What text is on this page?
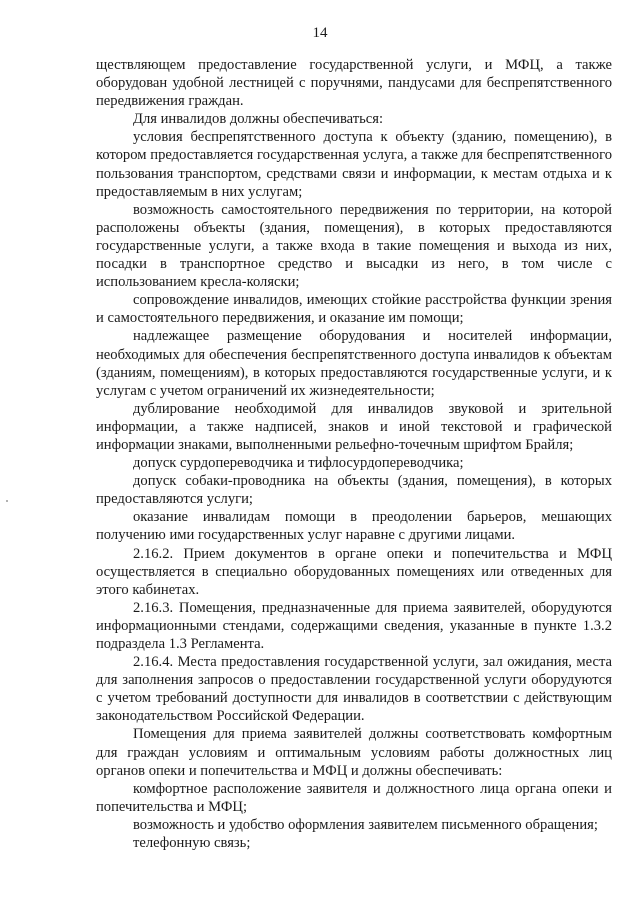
14

ществляющем предоставление государственной услуги, и МФЦ, а также оборудован удобной лестницей с поручнями, пандусами для беспрепятственного передвижения граждан.

Для инвалидов должны обеспечиваться:

условия беспрепятственного доступа к объекту (зданию, помещению), в котором предоставляется государственная услуга, а также для беспрепятственного пользования транспортом, средствами связи и информации, к местам отдыха и к предоставляемым в них услугам;

возможность самостоятельного передвижения по территории, на которой расположены объекты (здания, помещения), в которых предоставляются государственные услуги, а также входа в такие помещения и выхода из них, посадки в транспортное средство и высадки из него, в том числе с использованием кресла-коляски;

сопровождение инвалидов, имеющих стойкие расстройства функции зрения и самостоятельного передвижения, и оказание им помощи;

надлежащее размещение оборудования и носителей информации, необходимых для обеспечения беспрепятственного доступа инвалидов к объектам (зданиям, помещениям), в которых предоставляются государственные услуги, и к услугам с учетом ограничений их жизнедеятельности;

дублирование необходимой для инвалидов звуковой и зрительной информации, а также надписей, знаков и иной текстовой и графической информации знаками, выполненными рельефно-точечным шрифтом Брайля;

допуск сурдопереводчика и тифлосурдопереводчика;

допуск собаки-проводника на объекты (здания, помещения), в которых предоставляются услуги;

оказание инвалидам помощи в преодолении барьеров, мешающих получению ими государственных услуг наравне с другими лицами.

2.16.2. Прием документов в органе опеки и попечительства и МФЦ осуществляется в специально оборудованных помещениях или отведенных для этого кабинетах.

2.16.3. Помещения, предназначенные для приема заявителей, оборудуются информационными стендами, содержащими сведения, указанные в пункте 1.3.2 подраздела 1.3 Регламента.

2.16.4. Места предоставления государственной услуги, зал ожидания, места для заполнения запросов о предоставлении государственной услуги оборудуются с учетом требований доступности для инвалидов в соответствии с действующим законодательством Российской Федерации.

Помещения для приема заявителей должны соответствовать комфортным для граждан условиям и оптимальным условиям работы должностных лиц органов опеки и попечительства и МФЦ и должны обеспечивать:

комфортное расположение заявителя и должностного лица органа опеки и попечительства и МФЦ;

возможность и удобство оформления заявителем письменного обращения;

телефонную связь;
